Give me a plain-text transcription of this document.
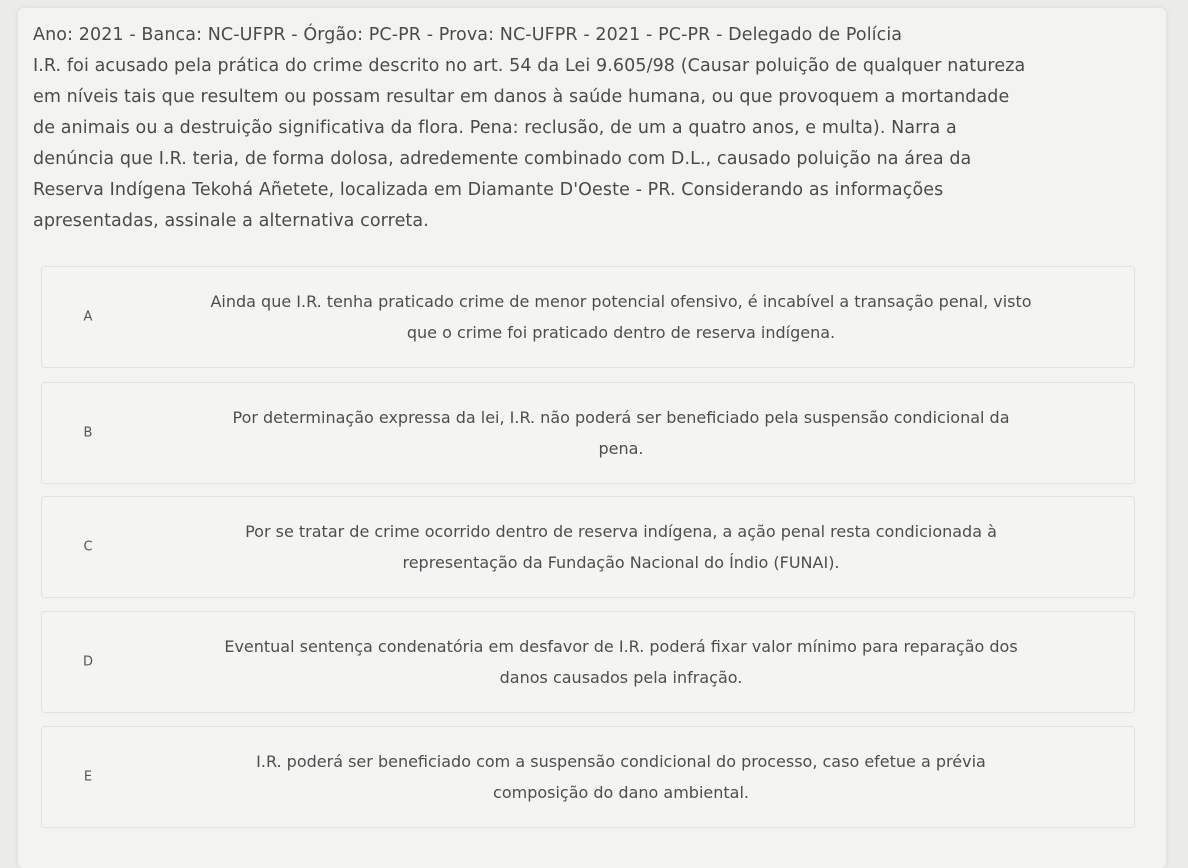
Ano: 2021 - Banca: NC-UFPR - Órgão: PC-PR - Prova: NC-UFPR - 2021 - PC-PR - Delegado de Polícia
I.R. foi acusado pela prática do crime descrito no art. 54 da Lei 9.605/98 (Causar poluição de qualquer natureza
em níveis tais que resultem ou possam resultar em danos à saúde humana, ou que provoquem a mortandade
de animais ou a destruição significativa da flora. Pena: reclusão, de um a quatro anos, e multa). Narra a
denúncia que I.R. teria, de forma dolosa, adredemente combinado com D.L., causado poluição na área da
Reserva Indígena Tekohá Añetete, localizada em Diamante D'Oeste - PR. Considerando as informações
apresentadas, assinale a alternativa correta.
A
Ainda que I.R. tenha praticado crime de menor potencial ofensivo, é incabível a transação penal, visto
que o crime foi praticado dentro de reserva indígena.
B
Por determinação expressa da lei, I.R. não poderá ser beneficiado pela suspensão condicional da
pena.
C
Por se tratar de crime ocorrido dentro de reserva indígena, a ação penal resta condicionada à
representação da Fundação Nacional do Índio (FUNAI).
D
Eventual sentença condenatória em desfavor de I.R. poderá fixar valor mínimo para reparação dos
danos causados pela infração.
E
I.R. poderá ser beneficiado com a suspensão condicional do processo, caso efetue a prévia
composição do dano ambiental.
